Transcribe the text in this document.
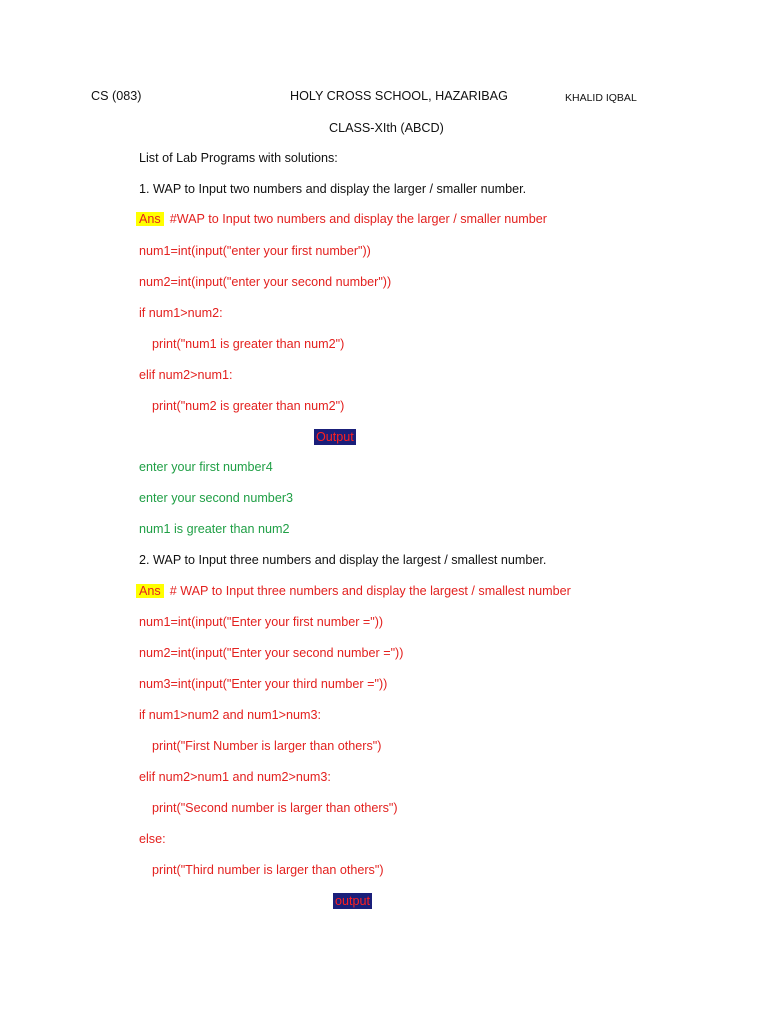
CS (083)	HOLY CROSS SCHOOL, HAZARIBAG	KHALID IQBAL
CLASS-XIth (ABCD)
List of Lab Programs with solutions:
1. WAP to Input two numbers and display the larger / smaller number.
Ans #WAP to Input two numbers and display the larger / smaller number
num1=int(input("enter your first number"))
num2=int(input("enter your second number"))
if num1>num2:
print("num1 is greater than num2")
elif num2>num1:
print("num2 is greater than num2")
Output
enter your first number4
enter your second number3
num1 is greater than num2
2. WAP to Input three numbers and display the largest / smallest number.
Ans # WAP to Input three numbers and display the largest / smallest number
num1=int(input("Enter your first number ="))
num2=int(input("Enter your second number ="))
num3=int(input("Enter your third number ="))
if num1>num2 and num1>num3:
print("First Number is larger than others")
elif num2>num1 and num2>num3:
print("Second number is larger than others")
else:
print("Third number is larger than others")
output
